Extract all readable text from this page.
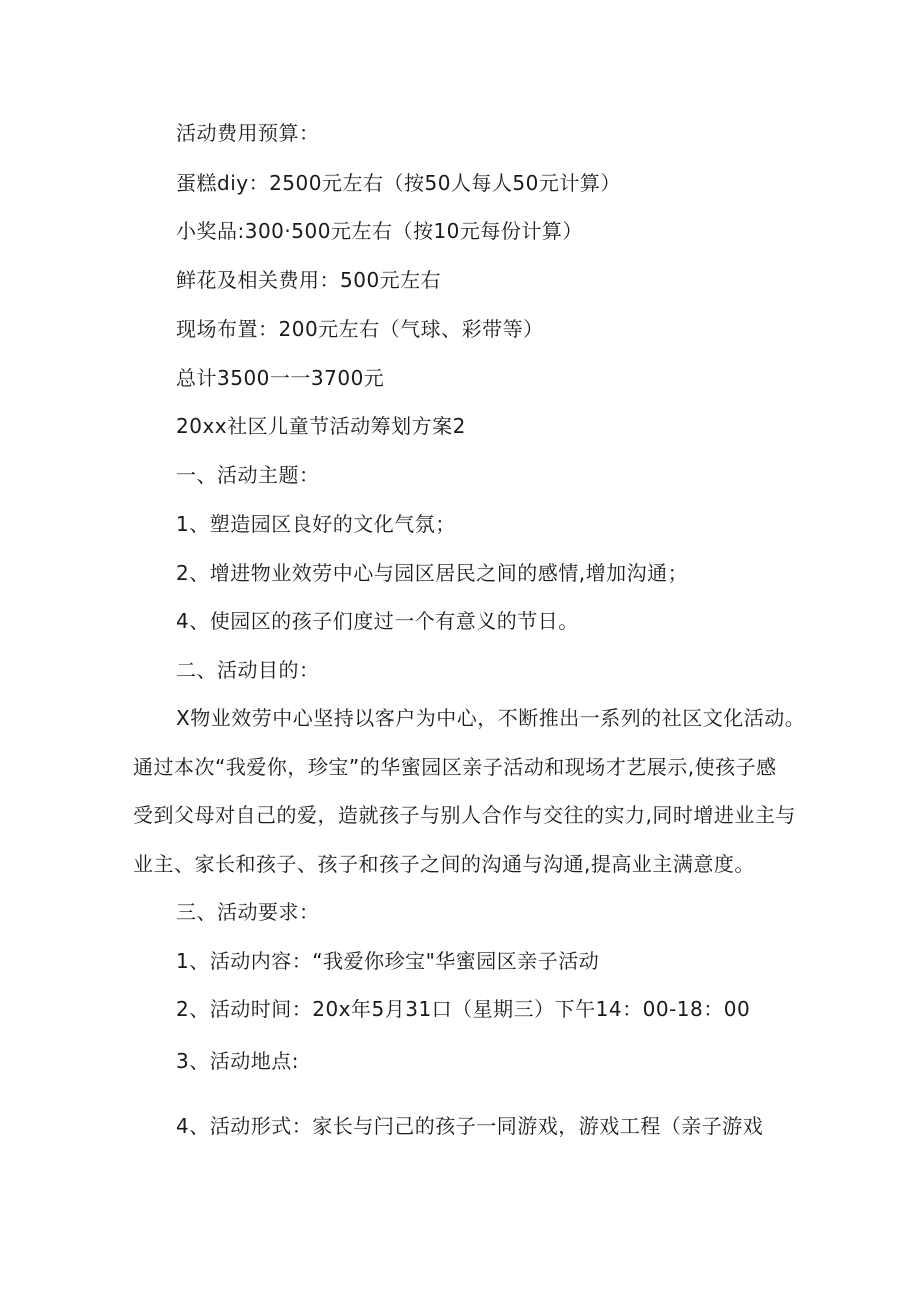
活动费用预算：
蛋糕diy：2500元左右（按50人每人50元计算）
小奖品:300·500元左右（按10元每份计算）
鲜花及相关费用：500元左右
现场布置：200元左右（气球、彩带等）
总计3500一一3700元
20xx社区儿童节活动筹划方案2
一、活动主题：
1、塑造园区良好的文化气氛；
2、增进物业效劳中心与园区居民之间的感情,增加沟通；
4、使园区的孩子们度过一个有意义的节日。
二、活动目的：
X物业效劳中心坚持以客户为中心，不断推出一系列的社区文化活动。
通过本次“我爱你，珍宝”的华蜜园区亲子活动和现场才艺展示,使孩子感
受到父母对自己的爱，造就孩子与别人合作与交往的实力,同时增进业主与
业主、家长和孩子、孩子和孩子之间的沟通与沟通,提高业主满意度。
三、活动要求：
1、活动内容：“我爱你珍宝"华蜜园区亲子活动
2、活动时间：20x年5月31口（星期三）下午14：00-18：00
3、活动地点:
4、活动形式：家长与闩己的孩子一同游戏，游戏工程（亲子游戏
